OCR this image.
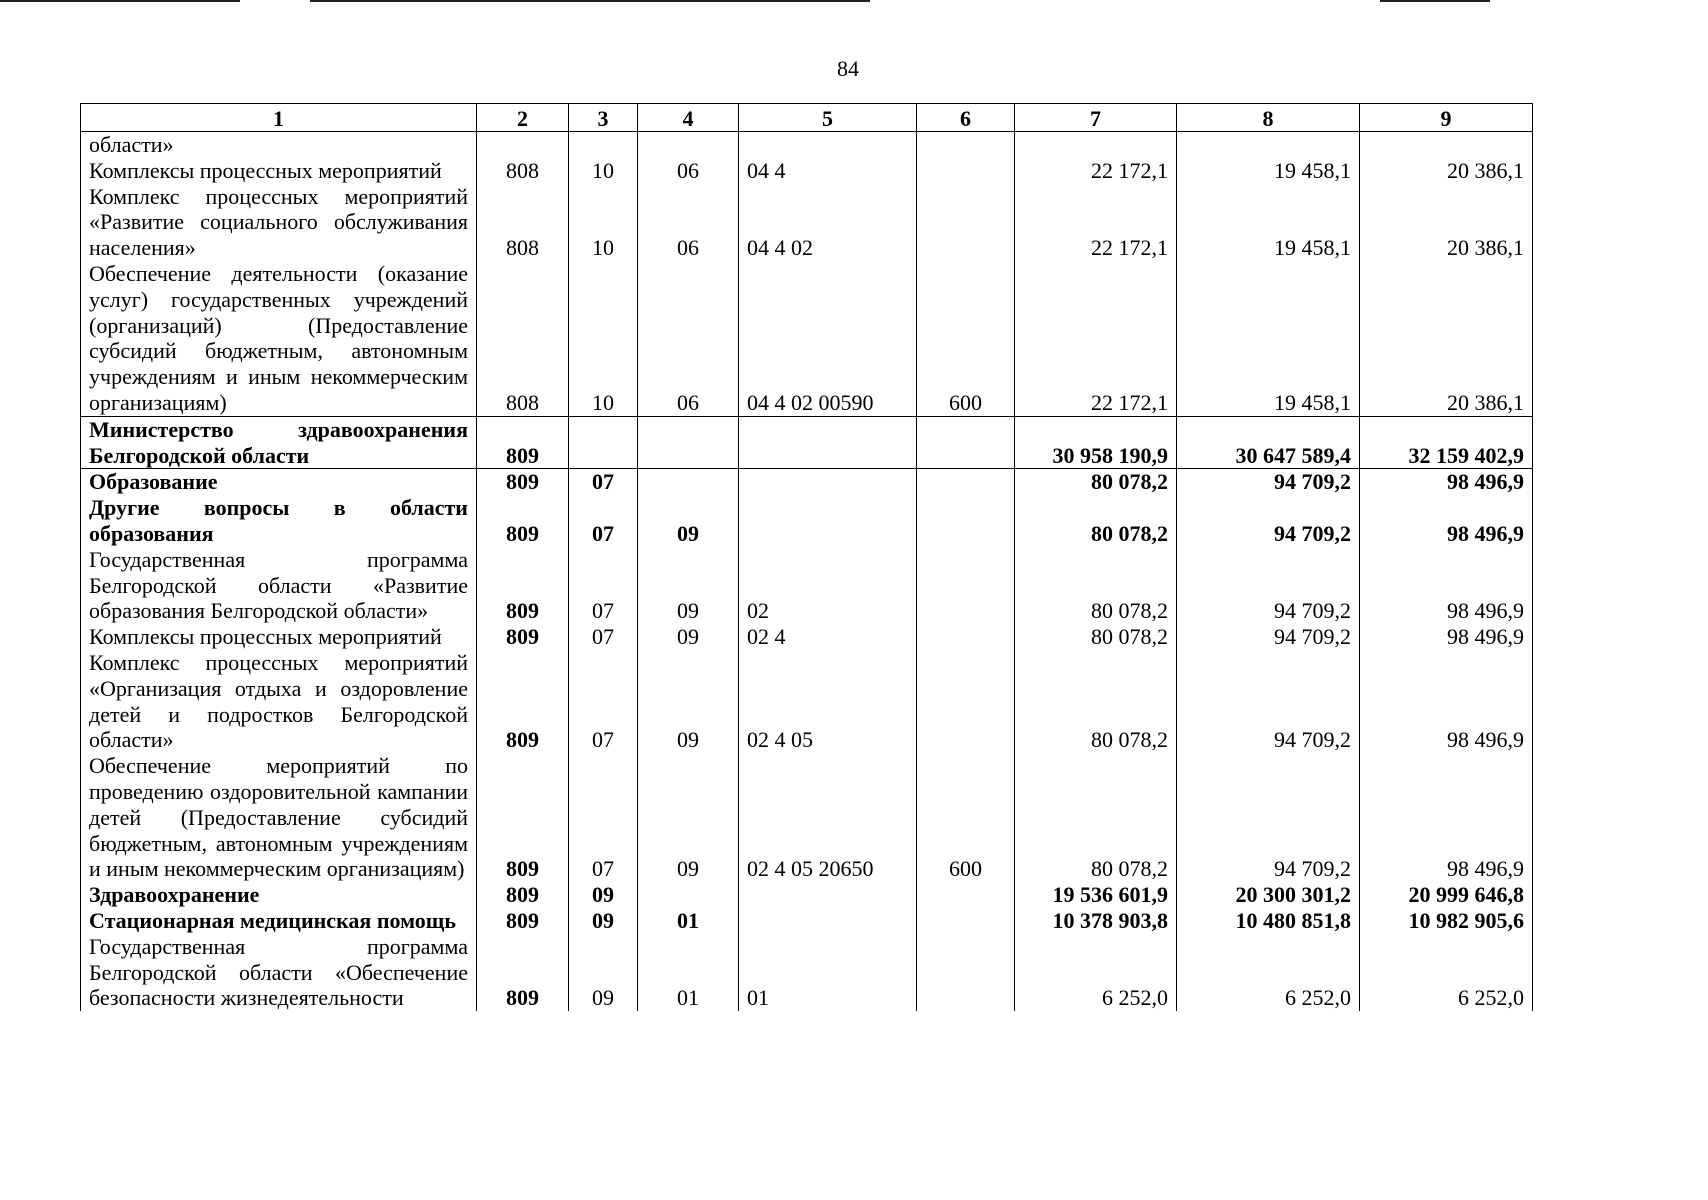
84
1	2	3	4	5	6	7	8	9
области»								
Комплексы процессных мероприятий	808	10	06	04 4		22 172,1	19 458,1	20 386,1
Комплекс процессных мероприятий «Развитие социального обслуживания населения»	808	10	06	04 4 02		22 172,1	19 458,1	20 386,1
Обеспечение деятельности (оказание услуг) государственных учреждений (организаций) (Предоставление субсидий бюджетным, автономным учреждениям и иным некоммерческим организациям)	808	10	06	04 4 02 00590	600	22 172,1	19 458,1	20 386,1
Министерство здравоохранения Белгородской области	809					30 958 190,9	30 647 589,4	32 159 402,9
Образование	809	07				80 078,2	94 709,2	98 496,9
Другие вопросы в области образования	809	07	09			80 078,2	94 709,2	98 496,9
Государственная программа Белгородской области «Развитие образования Белгородской области»	809	07	09	02		80 078,2	94 709,2	98 496,9
Комплексы процессных мероприятий	809	07	09	02 4		80 078,2	94 709,2	98 496,9
Комплекс процессных мероприятий «Организация отдыха и оздоровление детей и подростков Белгородской области»	809	07	09	02 4 05		80 078,2	94 709,2	98 496,9
Обеспечение мероприятий по проведению оздоровительной кампании детей (Предоставление субсидий бюджетным, автономным учреждениям и иным некоммерческим организациям)	809	07	09	02 4 05 20650	600	80 078,2	94 709,2	98 496,9
Здравоохранение	809	09				19 536 601,9	20 300 301,2	20 999 646,8
Стационарная медицинская помощь	809	09	01			10 378 903,8	10 480 851,8	10 982 905,6
Государственная программа Белгородской области «Обеспечение безопасности жизнедеятельности	809	09	01	01		6 252,0	6 252,0	6 252,0
